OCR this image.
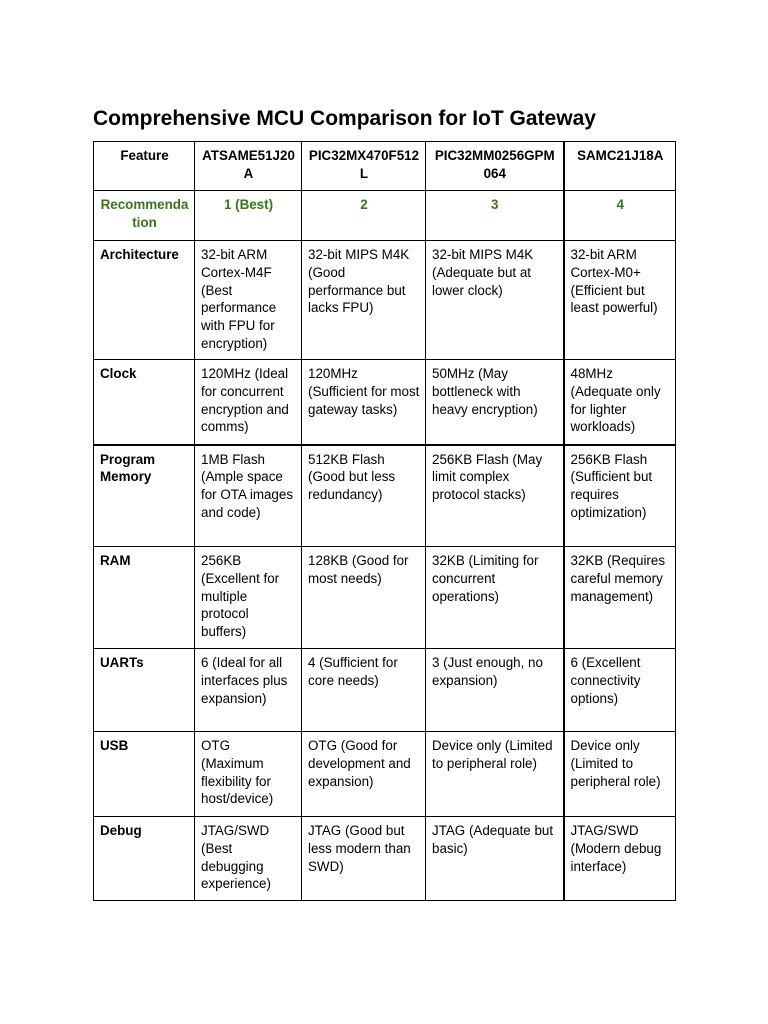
Comprehensive MCU Comparison for IoT Gateway
Feature	ATSAME51J20A	PIC32MX470F512L	PIC32MM0256GPM064	SAMC21J18A
Recommendation	1 (Best)	2	3	4
Architecture	32-bit ARM Cortex-M4F (Best performance with FPU for encryption)	32-bit MIPS M4K (Good performance but lacks FPU)	32-bit MIPS M4K (Adequate but at lower clock)	32-bit ARM Cortex-M0+ (Efficient but least powerful)
Clock	120MHz (Ideal for concurrent encryption and comms)	120MHz (Sufficient for most gateway tasks)	50MHz (May bottleneck with heavy encryption)	48MHz (Adequate only for lighter workloads)
Program Memory	1MB Flash (Ample space for OTA images and code)	512KB Flash (Good but less redundancy)	256KB Flash (May limit complex protocol stacks)	256KB Flash (Sufficient but requires optimization)
RAM	256KB (Excellent for multiple protocol buffers)	128KB (Good for most needs)	32KB (Limiting for concurrent operations)	32KB (Requires careful memory management)
UARTs	6 (Ideal for all interfaces plus expansion)	4 (Sufficient for core needs)	3 (Just enough, no expansion)	6 (Excellent connectivity options)
USB	OTG (Maximum flexibility for host/device)	OTG (Good for development and expansion)	Device only (Limited to peripheral role)	Device only (Limited to peripheral role)
Debug	JTAG/SWD (Best debugging experience)	JTAG (Good but less modern than SWD)	JTAG (Adequate but basic)	JTAG/SWD (Modern debug interface)
